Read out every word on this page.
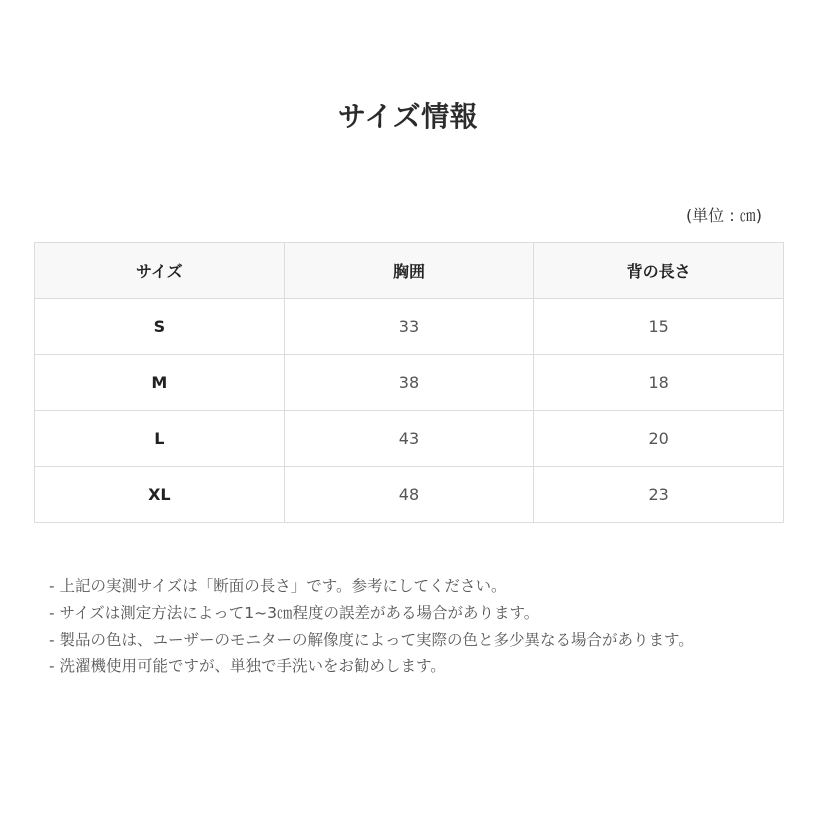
サイズ情報
(単位 : ㎝)
サイズ	胸囲	背の長さ
S	33	15
M	38	18
L	43	20
XL	48	23
- 上記の実測サイズは「断面の長さ」です。参考にしてください。
- サイズは測定方法によって1~3㎝程度の誤差がある場合があります。
- 製品の色は、ユーザーのモニターの解像度によって実際の色と多少異なる場合があります。
- 洗濯機使用可能ですが、単独で手洗いをお勧めします。
